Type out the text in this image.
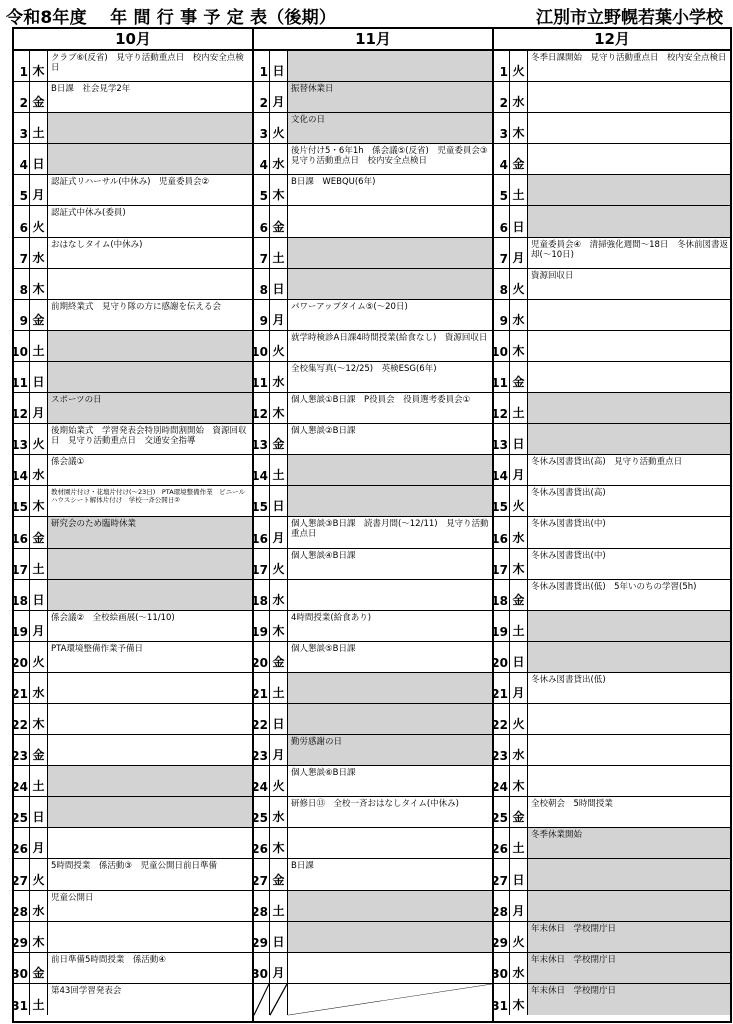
令和8年度　 年 間 行 事 予 定 表（後期）	江別市立野幌若葉小学校
10月
1 木
クラブ⑥(反省)　見守り活動重点日　校内安全点検日
2 金
B日課　社会見学2年
3 土
4 日
5 月
認証式リハーサル(中休み)　児童委員会②
6 火
認証式中休み(委員)
7 水
おはなしタイム(中休み)
8 木
9 金
前期終業式　見守り隊の方に感謝を伝える会
10 土
11 日
12 月
スポーツの日
13 火
後期始業式　学習発表会特別時間割開始　資源回収日　見守り活動重点日　交通安全指導
14 水
係会議①
15 木
教材園片付け・花壇片付け(～23日)　PTA環境整備作業　ビニールハウスシート解体片付け　学校一斉公開日②
16 金
研究会のため臨時休業
17 土
18 日
19 月
係会議②　全校絵画展(～11/10)
20 火
PTA環境整備作業予備日
21 水
22 木
23 金
24 土
25 日
26 月
27 火
5時間授業　係活動③　児童公開日前日準備
28 水
児童公開日
29 木
30 金
前日準備5時間授業　係活動④
31 土
第43回学習発表会
11月
1 日
2 月
振替休業日
3 火
文化の日
4 水
後片付け5・6年1h　係会議⑤(反省)　児童委員会③　見守り活動重点日　校内安全点検日
5 木
B日課　WEBQU(6年)
6 金
7 土
8 日
9 月
パワーアップタイム⑤(～20日)
10 火
就学時検診A日課4時間授業(給食なし)　資源回収日
11 水
全校集写真(～12/25)　英検ESG(6年)
12 木
個人懇談①B日課　P役員会　役員選考委員会①
13 金
個人懇談②B日課
14 土
15 日
16 月
個人懇談③B日課　読書月間(～12/11)　見守り活動重点日
17 火
個人懇談④B日課
18 水
19 木
4時間授業(給食あり)
20 金
個人懇談⑤B日課
21 土
22 日
23 月
勤労感謝の日
24 火
個人懇談⑥B日課
25 水
研修日⑬　全校一斉おはなしタイム(中休み)
26 木
27 金
B日課
28 土
29 日
30 月
12月
1 火
冬季日課開始　見守り活動重点日　校内安全点検日
2 水
3 木
4 金
5 土
6 日
7 月
児童委員会④　清掃強化週間～18日　冬休前図書返却(～10日)
8 火
資源回収日
9 水
10 木
11 金
12 土
13 日
14 月
冬休み図書貸出(高)　見守り活動重点日
15 火
冬休み図書貸出(高)
16 水
冬休み図書貸出(中)
17 木
冬休み図書貸出(中)
18 金
冬休み図書貸出(低)　5年いのちの学習(5h)
19 土
20 日
21 月
冬休み図書貸出(低)
22 火
23 水
24 木
25 金
全校朝会　5時間授業
26 土
冬季休業開始
27 日
28 月
29 火
年末休日　学校閉庁日
30 水
年末休日　学校閉庁日
31 木
年末休日　学校閉庁日
